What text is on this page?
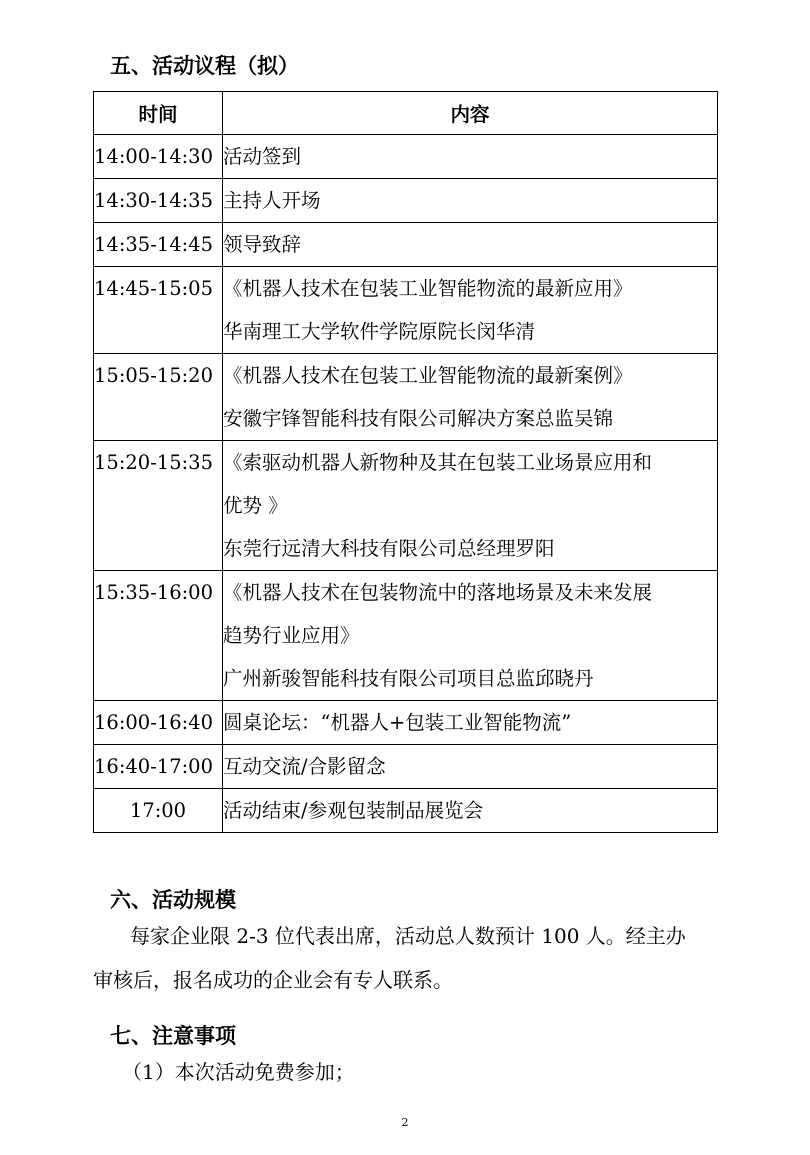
五、活动议程（拟）
时间	内容
14:00-14:30	活动签到

14:30-14:35	主持人开场

14:35-14:45	领导致辞

14:45-15:05	《机器人技术在包装工业智能物流的最新应用》
华南理工大学软件学院原院长闵华清

15:05-15:20	《机器人技术在包装工业智能物流的最新案例》
安徽宇锋智能科技有限公司解决方案总监吴锦

15:20-15:35	《索驱动机器人新物种及其在包装工业场景应用和
优势 》
东莞行远清大科技有限公司总经理罗阳

15:35-16:00	《机器人技术在包装物流中的落地场景及未来发展
趋势行业应用》
广州新骏智能科技有限公司项目总监邱晓丹

16:00-16:40	圆桌论坛：“机器人+包装工业智能物流”

16:40-17:00	互动交流/合影留念

17:00	活动结束/参观包装制品展览会
六、活动规模
每家企业限 2-3 位代表出席，活动总人数预计 100 人。经主办
审核后，报名成功的企业会有专人联系。
七、注意事项
（1）本次活动免费参加；
2
